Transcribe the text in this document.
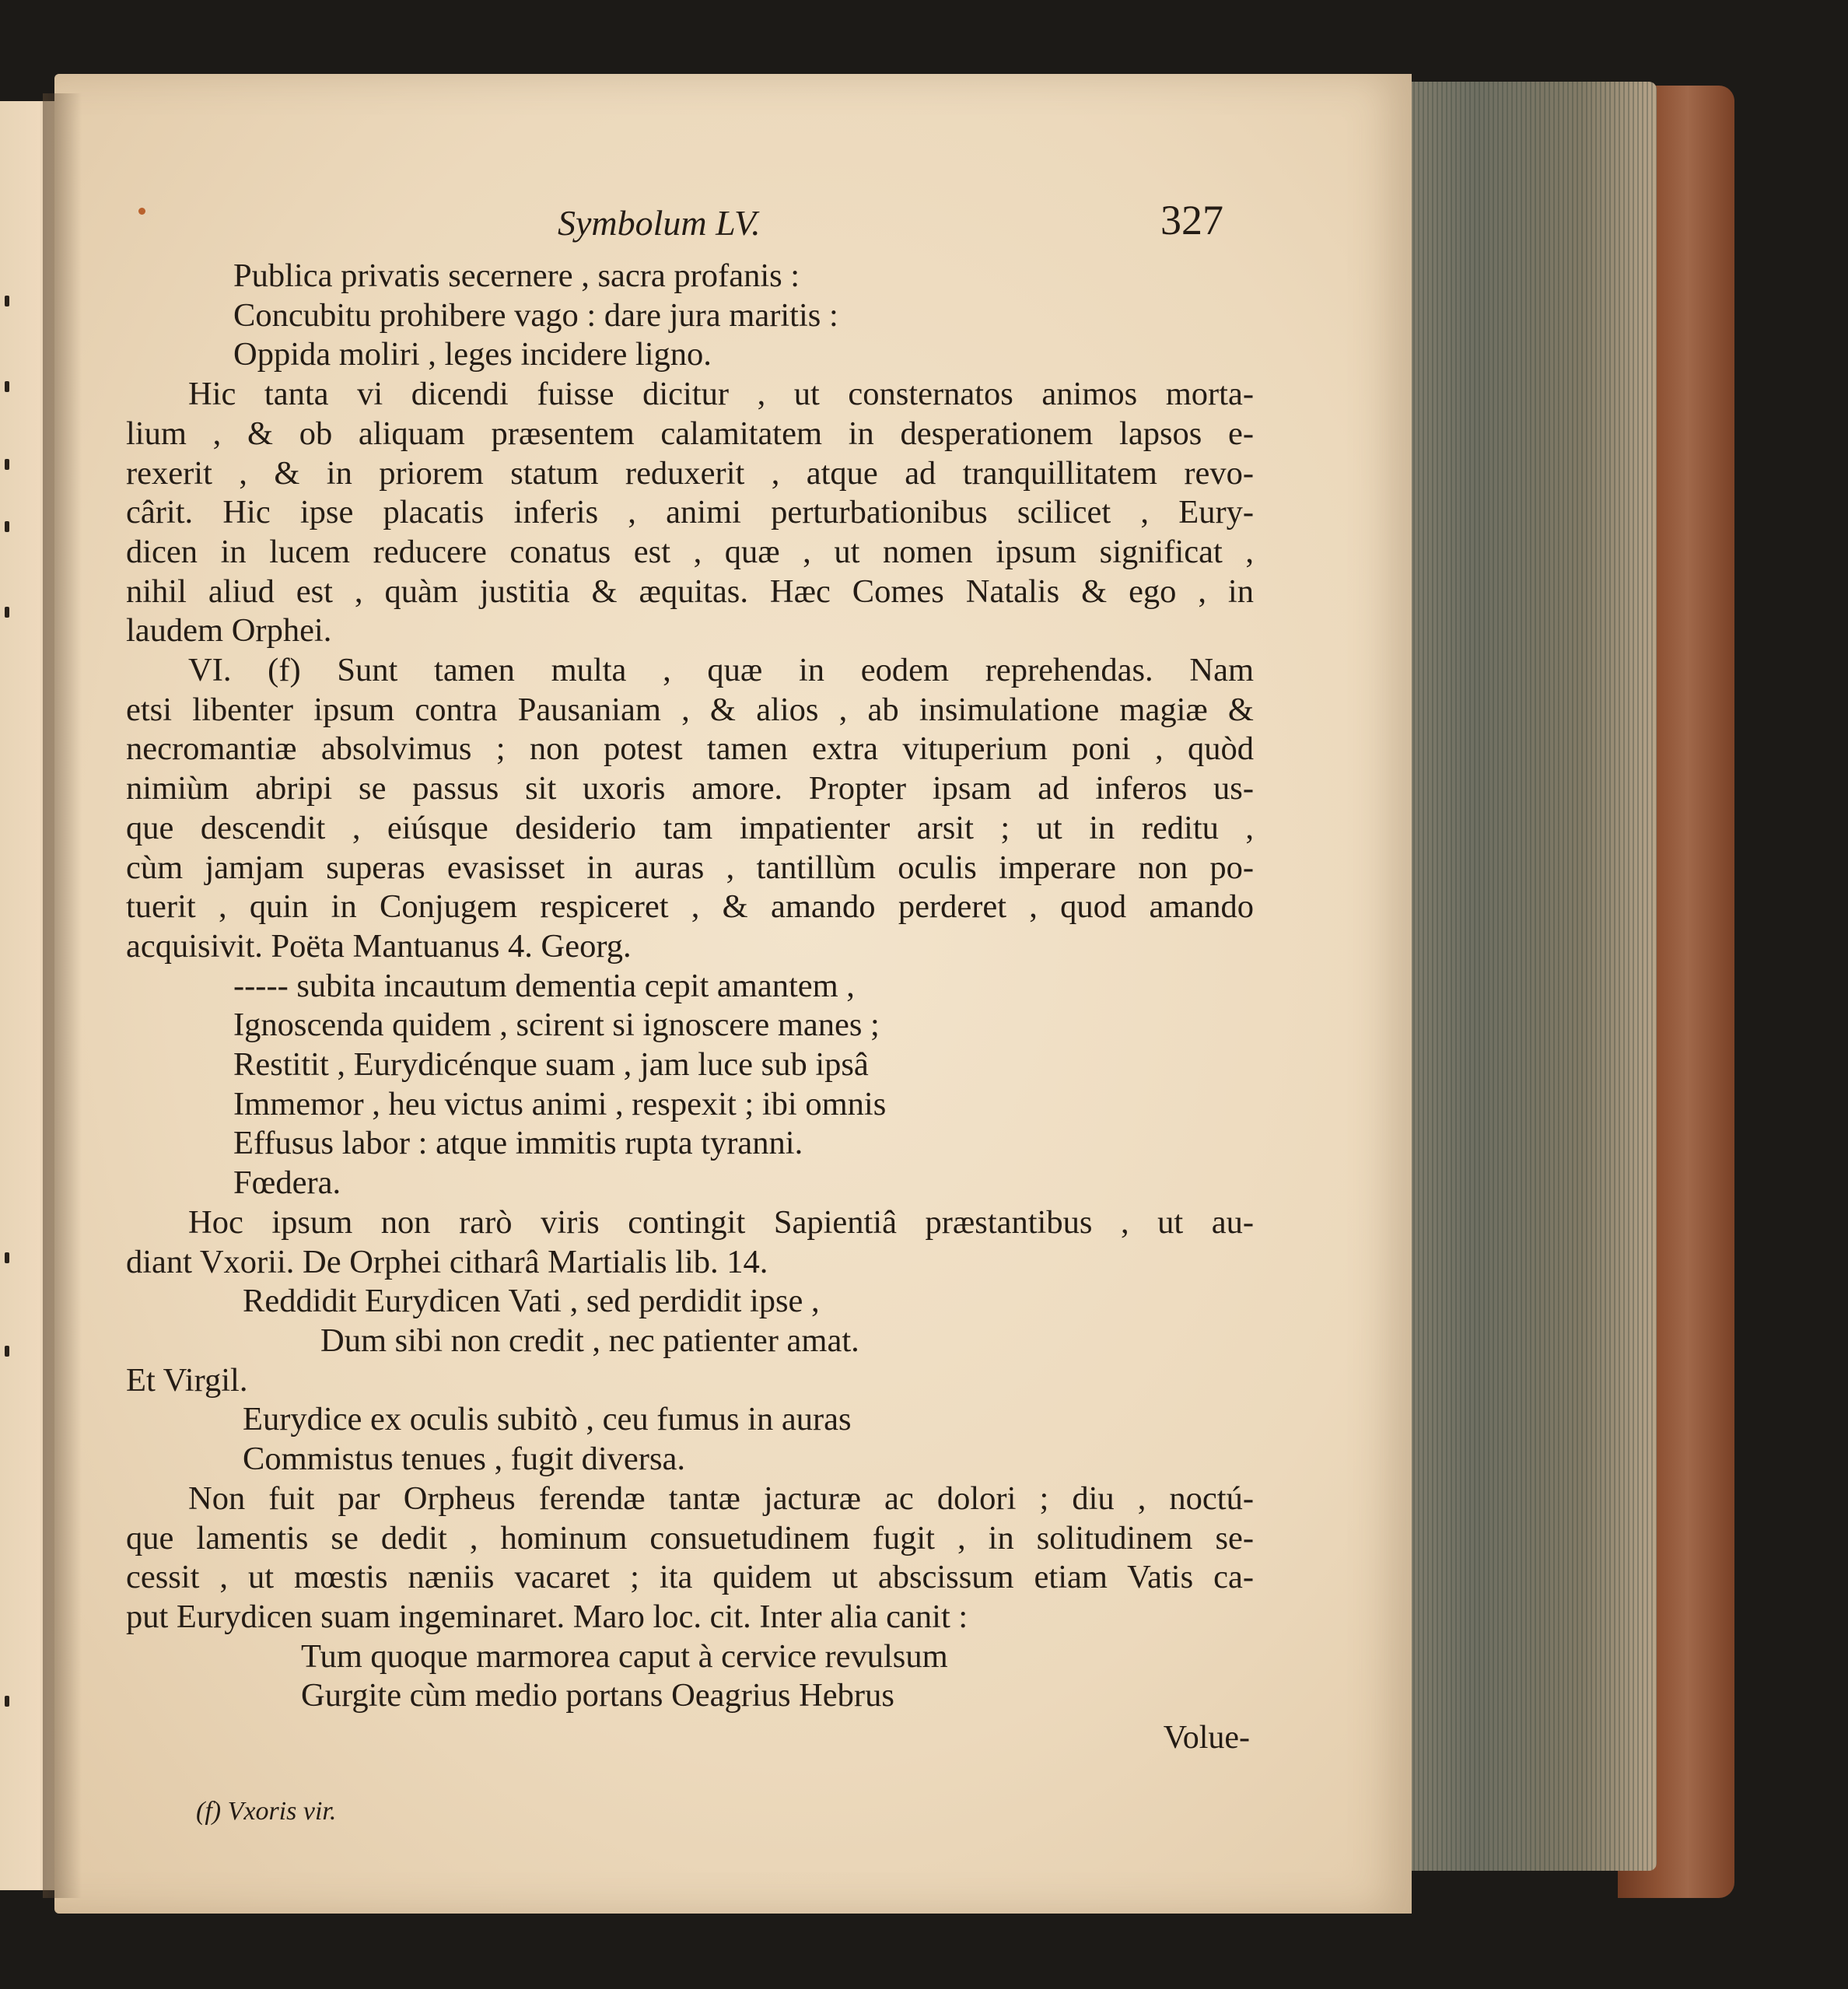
Symbolum LV.	327
Publica privatis secernere , sacra profanis :
Concubitu prohibere vago : dare jura maritis :
Oppida moliri , leges incidere ligno.
Hic tanta vi dicendi fuisse dicitur , ut consternatos animos morta-
lium , & ob aliquam præsentem calamitatem in desperationem lapsos e-
rexerit , & in priorem statum reduxerit , atque ad tranquillitatem revo-
cârit. Hic ipse placatis inferis , animi perturbationibus scilicet , Eury-
dicen in lucem reducere conatus est , quæ , ut nomen ipsum significat ,
nihil aliud est , quàm justitia & æquitas. Hæc Comes Natalis & ego , in
laudem Orphei.
VI. (f) Sunt tamen multa , quæ in eodem reprehendas. Nam
etsi libenter ipsum contra Pausaniam , & alios , ab insimulatione magiæ &
necromantiæ absolvimus ; non potest tamen extra vituperium poni , quòd
nimiùm abripi se passus sit uxoris amore. Propter ipsam ad inferos us-
que descendit , eiúsque desiderio tam impatienter arsit ; ut in reditu ,
cùm jamjam superas evasisset in auras , tantillùm oculis imperare non po-
tuerit , quin in Conjugem respiceret , & amando perderet , quod amando
acquisivit. Poëta Mantuanus 4. Georg.
----- subita incautum dementia cepit amantem ,
Ignoscenda quidem , scirent si ignoscere manes ;
Restitit , Eurydicénque suam , jam luce sub ipsâ
Immemor , heu victus animi , respexit ; ibi omnis
Effusus labor : atque immitis rupta tyranni.
Fœdera.
Hoc ipsum non rarò viris contingit Sapientiâ præstantibus , ut au-
diant Vxorii. De Orphei citharâ Martialis lib. 14.
Reddidit Eurydicen Vati , sed perdidit ipse ,
Dum sibi non credit , nec patienter amat.
Et Virgil.
Eurydice ex oculis subitò , ceu fumus in auras
Commistus tenues , fugit diversa.
Non fuit par Orpheus ferendæ tantæ jacturæ ac dolori ; diu , noctú-
que lamentis se dedit , hominum consuetudinem fugit , in solitudinem se-
cessit , ut mœstis næniis vacaret ; ita quidem ut abscissum etiam Vatis ca-
put Eurydicen suam ingeminaret. Maro loc. cit. Inter alia canit :
Tum quoque marmorea caput à cervice revulsum
Gurgite cùm medio portans Oeagrius Hebrus
Volue-
(f) Vxoris vir.
